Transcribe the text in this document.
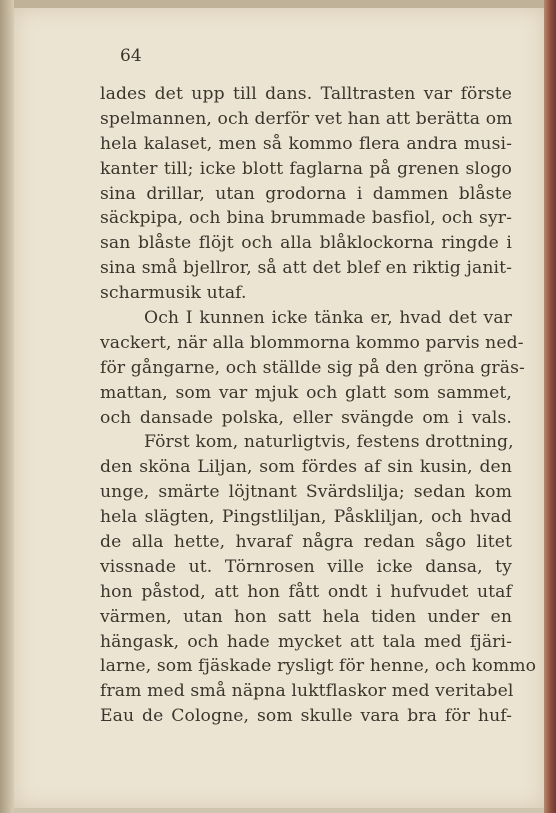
64
lades det upp till dans. Talltrasten var förste
spelmannen, och derför vet han att berätta om
hela kalaset, men så kommo flera andra musi-
kanter till; icke blott faglarna på grenen slogo
sina drillar, utan grodorna i dammen blåste
säckpipa, och bina brummade basfiol, och syr-
san blåste flöjt och alla blåklockorna ringde i
sina små bjellror, så att det blef en riktig janit-
scharmusik utaf.
Och I kunnen icke tänka er, hvad det var
vackert, när alla blommorna kommo parvis ned-
för gångarne, och ställde sig på den gröna gräs-
mattan, som var mjuk och glatt som sammet,
och dansade polska, eller svängde om i vals.
Först kom, naturligtvis, festens drottning,
den sköna Liljan, som fördes af sin kusin, den
unge, smärte löjtnant Svärdslilja; sedan kom
hela slägten, Pingstliljan, Påskliljan, och hvad
de alla hette, hvaraf några redan sågo litet
vissnade ut. Törnrosen ville icke dansa, ty
hon påstod, att hon fått ondt i hufvudet utaf
värmen, utan hon satt hela tiden under en
hängask, och hade mycket att tala med fjäri-
larne, som fjäskade rysligt för henne, och kommo
fram med små näpna luktflaskor med veritabel
Eau de Cologne, som skulle vara bra för huf-
